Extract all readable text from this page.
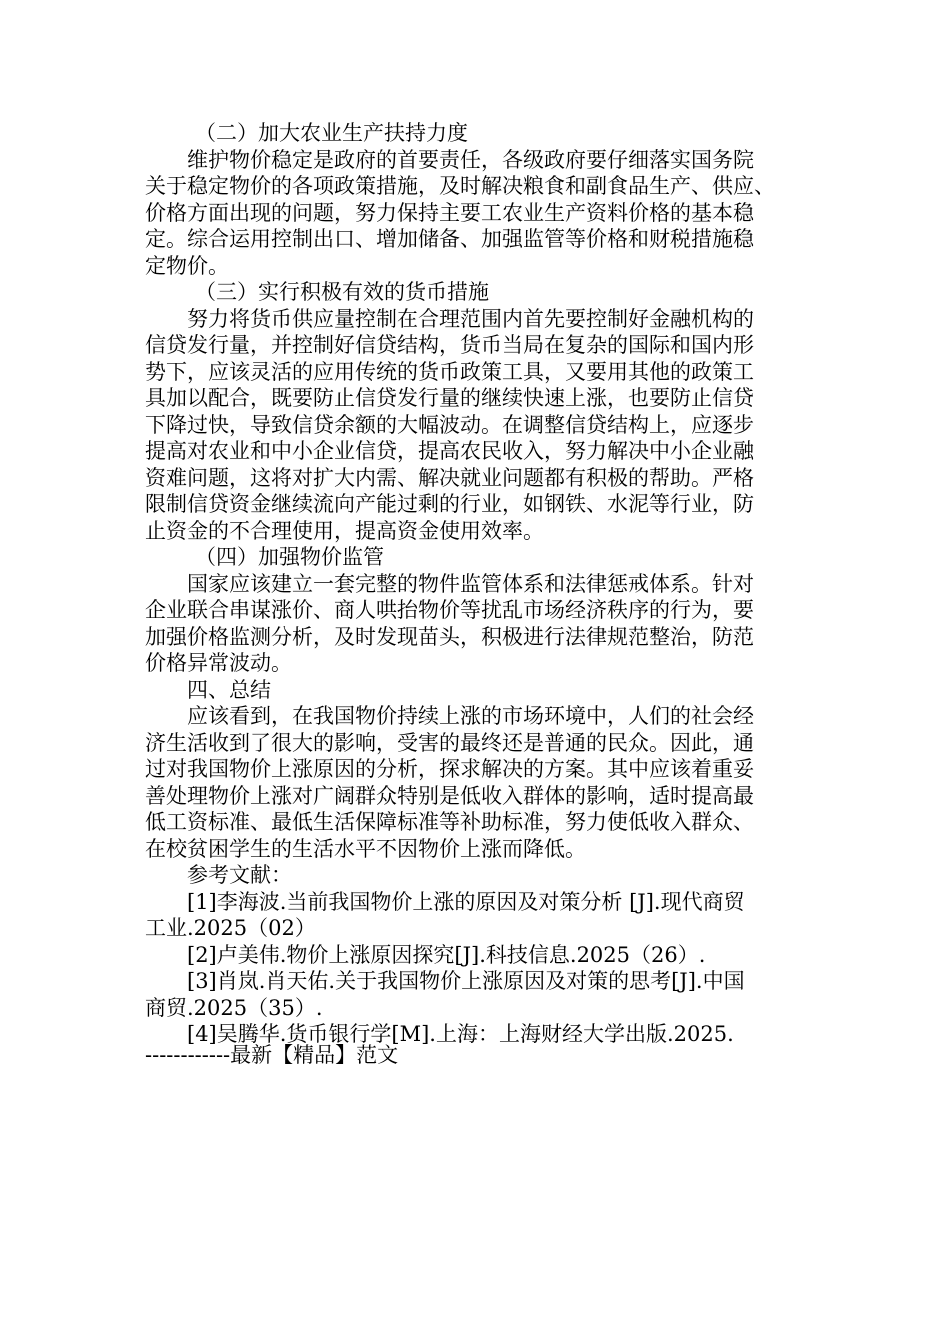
（二）加大农业生产扶持力度
维护物价稳定是政府的首要责任，各级政府要仔细落实国务院
关于稳定物价的各项政策措施，及时解决粮食和副食品生产、供应、
价格方面出现的问题，努力保持主要工农业生产资料价格的基本稳
定。综合运用控制出口、增加储备、加强监管等价格和财税措施稳
定物价。
（三）实行积极有效的货币措施
努力将货币供应量控制在合理范围内首先要控制好金融机构的
信贷发行量，并控制好信贷结构，货币当局在复杂的国际和国内形
势下，应该灵活的应用传统的货币政策工具，又要用其他的政策工
具加以配合，既要防止信贷发行量的继续快速上涨，也要防止信贷
下降过快，导致信贷余额的大幅波动。在调整信贷结构上，应逐步
提高对农业和中小企业信贷，提高农民收入，努力解决中小企业融
资难问题，这将对扩大内需、解决就业问题都有积极的帮助。严格
限制信贷资金继续流向产能过剩的行业，如钢铁、水泥等行业，防
止资金的不合理使用，提高资金使用效率。
（四）加强物价监管
国家应该建立一套完整的物件监管体系和法律惩戒体系。针对
企业联合串谋涨价、商人哄抬物价等扰乱市场经济秩序的行为，要
加强价格监测分析，及时发现苗头，积极进行法律规范整治，防范
价格异常波动。
四、总结
应该看到，在我国物价持续上涨的市场环境中，人们的社会经
济生活收到了很大的影响，受害的最终还是普通的民众。因此，通
过对我国物价上涨原因的分析，探求解决的方案。其中应该着重妥
善处理物价上涨对广阔群众特别是低收入群体的影响，适时提高最
低工资标准、最低生活保障标准等补助标准，努力使低收入群众、
在校贫困学生的生活水平不因物价上涨而降低。
参考文献：
[1]李海波.当前我国物价上涨的原因及对策分析 [J].现代商贸
工业.2025（02）
[2]卢美伟.物价上涨原因探究[J].科技信息.2025（26）.
[3]肖岚.肖天佑.关于我国物价上涨原因及对策的思考[J].中国
商贸.2025（35）.
[4]吴腾华.货币银行学[M].上海：上海财经大学出版.2025.
------------最新【精品】范文
